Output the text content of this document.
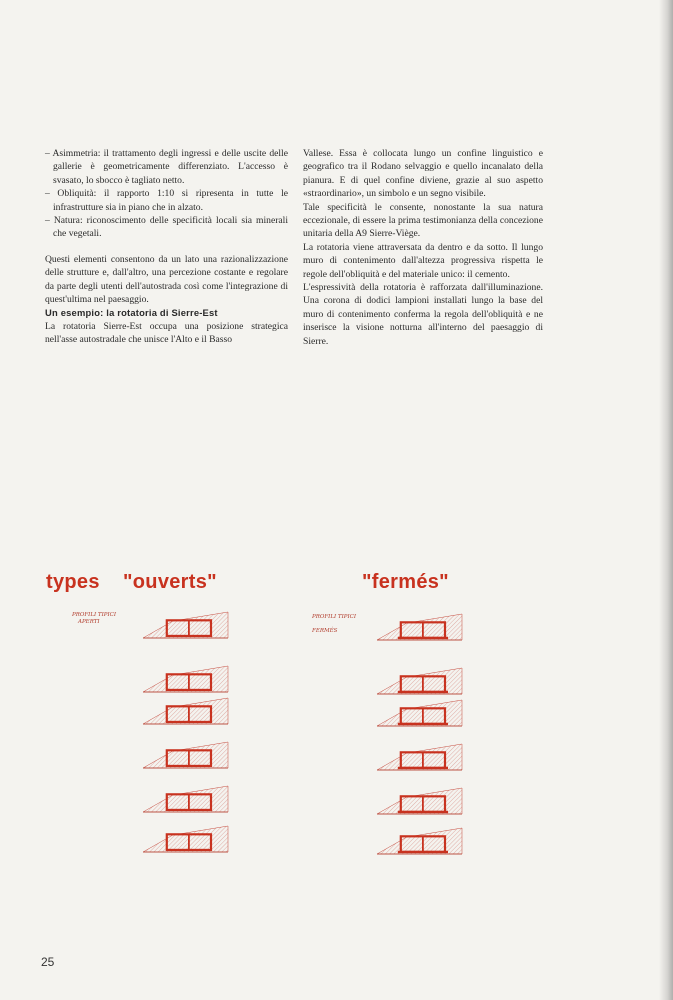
– Asimmetria: il trattamento degli ingressi e delle uscite delle gallerie è geometricamente differenziato. L'accesso è svasato, lo sbocco è tagliato netto.

– Obliquità: il rapporto 1:10 si ripresenta in tutte le infrastrutture sia in piano che in alzato.

– Natura: riconoscimento delle specificità locali sia minerali che vegetali.

Questi elementi consentono da un lato una razionalizzazione delle strutture e, dall'altro, una percezione costante e regolare da parte degli utenti dell'autostrada così come l'integrazione di quest'ultima nel paesaggio.

Un esempio: la rotatoria di Sierre-Est

La rotatoria Sierre-Est occupa una posizione strategica nell'asse autostradale che unisce l'Alto e il Basso

Vallese. Essa è collocata lungo un confine linguistico e geografico tra il Rodano selvaggio e quello incanalato della pianura. E di quel confine diviene, grazie al suo aspetto «straordinario», un simbolo e un segno visibile.

Tale specificità le consente, nonostante la sua natura eccezionale, di essere la prima testimonianza della concezione unitaria della A9 Sierre-Viège.

La rotatoria viene attraversata da dentro e da sotto. Il lungo muro di contenimento dall'altezza progressiva rispetta le regole dell'obliquità e del materiale unico: il cemento.

L'espressività della rotatoria è rafforzata dall'illuminazione. Una corona di dodici lampioni installati lungo la base del muro di contenimento conferma la regola dell'obliquità e ne inserisce la visione notturna all'interno del paesaggio di Sierre.

types "ouverts"	"fermés"
PROFILI TIPICI
APERTI
PROFILI TIPICI
FERMÉS
25
